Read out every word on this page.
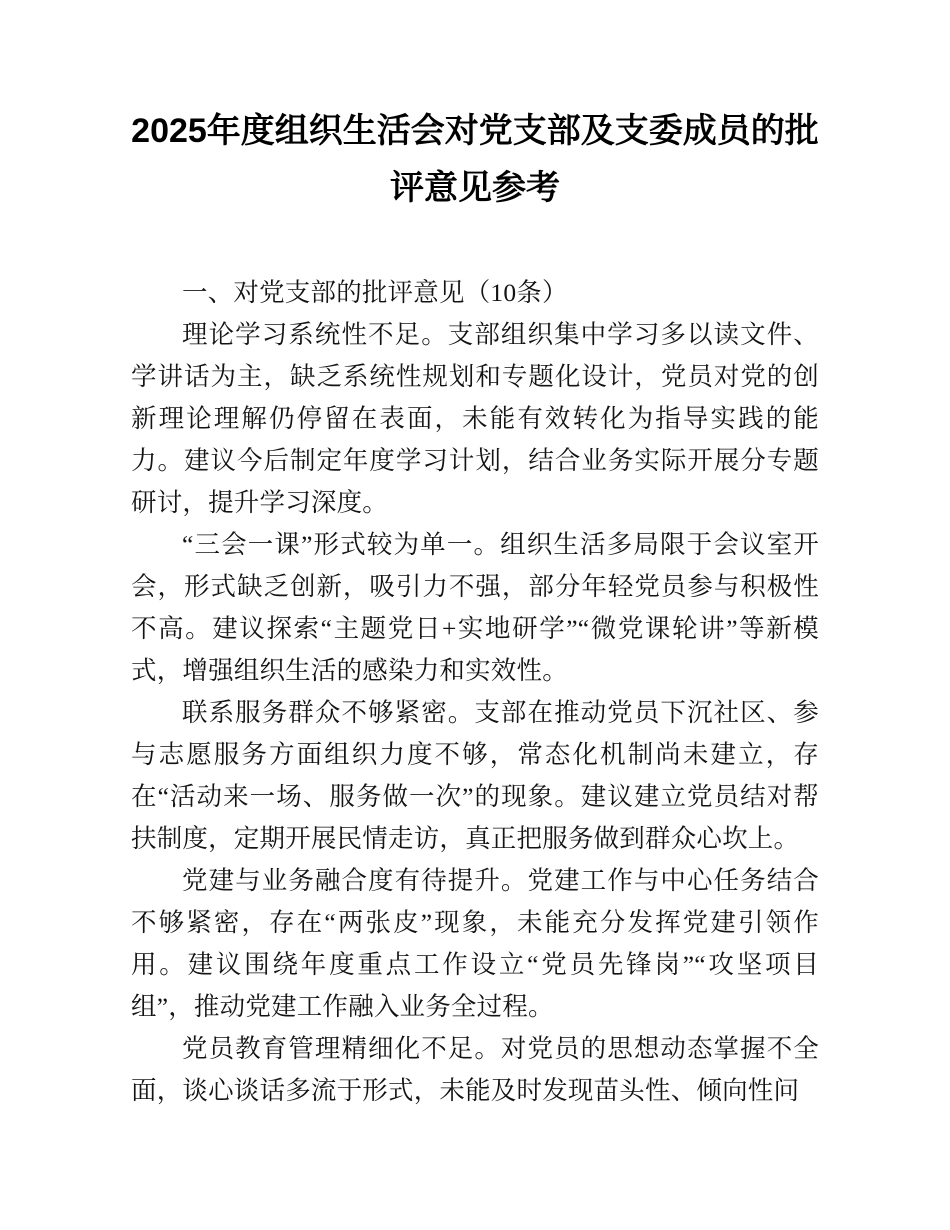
2025年度组织生活会对党支部及支委成员的批评意见参考

一、对党支部的批评意见（10条）

理论学习系统性不足。支部组织集中学习多以读文件、学讲话为主，缺乏系统性规划和专题化设计，党员对党的创新理论理解仍停留在表面，未能有效转化为指导实践的能力。建议今后制定年度学习计划，结合业务实际开展分专题研讨，提升学习深度。

“三会一课”形式较为单一。组织生活多局限于会议室开会，形式缺乏创新，吸引力不强，部分年轻党员参与积极性不高。建议探索“主题党日+实地研学”“微党课轮讲”等新模式，增强组织生活的感染力和实效性。

联系服务群众不够紧密。支部在推动党员下沉社区、参与志愿服务方面组织力度不够，常态化机制尚未建立，存在“活动来一场、服务做一次”的现象。建议建立党员结对帮扶制度，定期开展民情走访，真正把服务做到群众心坎上。

党建与业务融合度有待提升。党建工作与中心任务结合不够紧密，存在“两张皮”现象，未能充分发挥党建引领作用。建议围绕年度重点工作设立“党员先锋岗”“攻坚项目组”，推动党建工作融入业务全过程。

党员教育管理精细化不足。对党员的思想动态掌握不全面，谈心谈话多流于形式，未能及时发现苗头性、倾向性问
